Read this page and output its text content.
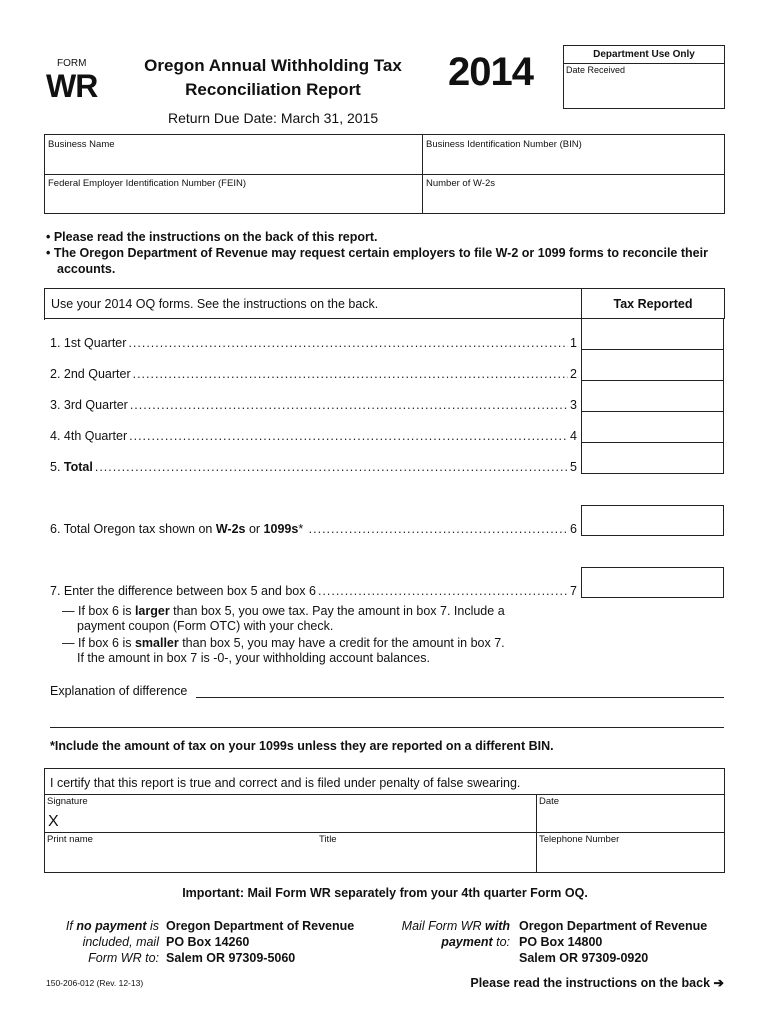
FORM
WR
Oregon Annual Withholding Tax
Reconciliation Report	2014
Return Due Date: March 31, 2015
Department Use Only
Date Received
Business Name	Business Identification Number (BIN)
Federal Employer Identification Number (FEIN)	Number of W-2s
• Please read the instructions on the back of this report.
• The Oregon Department of Revenue may request certain employers to file W-2 or 1099 forms to reconcile their
accounts.
Use your 2014 OQ forms. See the instructions on the back.	Tax Reported
1. 1st Quarter .....	1
2. 2nd Quarter .....	2
3. 3rd Quarter .....	3
4. 4th Quarter .....	4
5. Total .....	5
6. Total Oregon tax shown on W-2s or 1099s * .....	6
7. Enter the difference between box 5 and box 6 .....	7
— If box 6 is larger than box 5, you owe tax. Pay the amount in box 7. Include a
payment coupon (Form OTC) with your check.
— If box 6 is smaller than box 5, you may have a credit for the amount in box 7.
If the amount in box 7 is -0-, your withholding account balances.
Explanation of difference
*Include the amount of tax on your 1099s unless they are reported on a different BIN.
I certify that this report is true and correct and is filed under penalty of false swearing.
Signature
X
Date
Print name	Title	Telephone Number
Important: Mail Form WR separately from your 4th quarter Form OQ.
If no payment is
included, mail
Form WR to:
Oregon Department of Revenue
PO Box 14260
Salem OR 97309-5060
Mail Form WR with
payment to:
Oregon Department of Revenue
PO Box 14800
Salem OR 97309-0920
150-206-012 (Rev. 12-13)	Please read the instructions on the back ➔
